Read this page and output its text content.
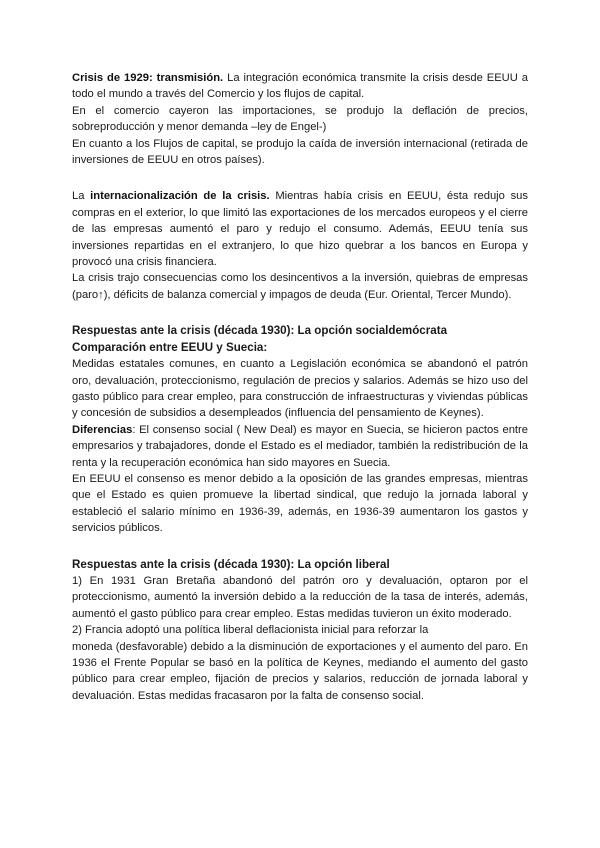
Crisis de 1929: transmisión. La integración económica transmite la crisis desde EEUU a todo el mundo a través del Comercio y los flujos de capital.

En el comercio cayeron las importaciones, se produjo la deflación de precios, sobreproducción y menor demanda –ley de Engel-)

En cuanto a los Flujos de capital, se produjo la caída de inversión internacional (retirada de inversiones de EEUU en otros países).

La internacionalización de la crisis. Mientras había crisis en EEUU, ésta redujo sus compras en el exterior, lo que limitó las exportaciones de los mercados europeos y el cierre de las empresas aumentó el paro y redujo el consumo. Además, EEUU tenía sus inversiones repartidas en el extranjero, lo que hizo quebrar a los bancos en Europa y provocó una crisis financiera.

La crisis trajo consecuencias como los desincentivos a la inversión, quiebras de empresas (paro↑), déficits de balanza comercial y impagos de deuda (Eur. Oriental, Tercer Mundo).

Respuestas ante la crisis (década 1930): La opción socialdemócrata

Comparación entre EEUU y Suecia:

Medidas estatales comunes, en cuanto a Legislación económica se abandonó el patrón oro, devaluación, proteccionismo, regulación de precios y salarios. Además se hizo uso del gasto público para crear empleo, para construcción de infraestructuras y viviendas públicas y concesión de subsidios a desempleados (influencia del pensamiento de Keynes).

Diferencias: El consenso social ( New Deal) es mayor en Suecia, se hicieron pactos entre empresarios y trabajadores, donde el Estado es el mediador, también la redistribución de la renta y la recuperación económica han sido mayores en Suecia.

En EEUU el consenso es menor debido a la oposición de las grandes empresas, mientras que el Estado es quien promueve la libertad sindical, que redujo la jornada laboral y estableció el salario mínimo en 1936-39, además, en 1936-39 aumentaron los gastos y servicios públicos.

Respuestas ante la crisis (década 1930): La opción liberal

1) En 1931 Gran Bretaña abandonó del patrón oro y devaluación, optaron por el proteccionismo, aumentó la inversión debido a la reducción de la tasa de interés, además, aumentó el gasto público para crear empleo. Estas medidas tuvieron un éxito moderado.

2) Francia adoptó una política liberal deflacionista inicial para reforzar la

moneda (desfavorable) debido a la disminución de exportaciones y el aumento del paro. En 1936 el Frente Popular se basó en la política de Keynes, mediando el aumento del gasto público para crear empleo, fijación de precios y salarios, reducción de jornada laboral y devaluación. Estas medidas fracasaron por la falta de consenso social.
